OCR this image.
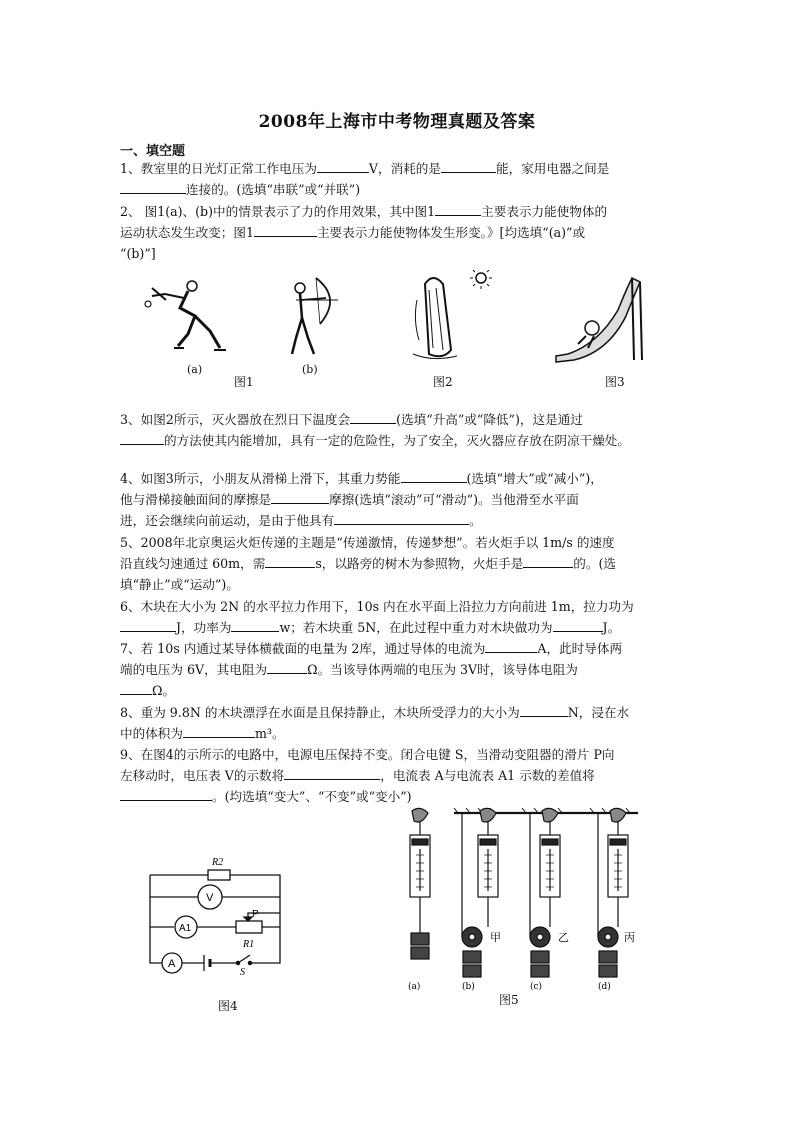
2008年上海市中考物理真题及答案
一、填空题
1、教室里的日光灯正常工作电压为	V，消耗的是	能，家用电器之间是
连接的。(选填“串联”或“并联”)
2、 图1(a)、(b)中的情景表示了力的作用效果，其中图1	主要表示力能使物体的
运动状态发生改变；图1	主要表示力能使物体发生形变。》[均选填“(a)”或
“(b)”]
(a)
图1
(b)
图2	图3
3、如图2所示，灭火器放在烈日下温度会	(选填“升高”或“降低”)，这是通过
的方法使其内能增加，具有一定的危险性，为了安全，灭火器应存放在阴凉干燥处。
4、如图3所示，小朋友从滑梯上滑下，其重力势能	(选填“增大”或“减小”)，
他与滑梯接触面间的摩擦是	摩擦(选填“滚动”可“滑动”)。当他滑至水平面
进，还会继续向前运动，是由于他具有	。
5、2008年北京奥运火炬传递的主题是“传递激情，传递梦想”。若火炬手以 1m/s 的速度
沿直线匀速通过 60m，需	s，以路旁的树木为参照物，火炬手是	的。(选
填“静止”或“运动”)。
6、木块在大小为 2N 的水平拉力作用下，10s 内在水平面上沿拉力方向前进 1m，拉力功为
J，功率为	w；若木块重 5N，在此过程中重力对木块做功为	J。
7、若 10s 内通过某导体横截面的电量为 2库，通过导体的电流为	A，此时导体两
端的电压为 6V，其电阻为	Ω。当该导体两端的电压为 3V时，该导体电阻为
Ω。
8、重为 9.8N 的木块漂浮在水面是且保持静止，木块所受浮力的大小为	N，浸在水
中的体积为	m³。
9、在图4的示所示的电路中，电源电压保持不变。闭合电键 S，当滑动变阻器的滑片 P向
左移动时，电压表 V的示数将	，电流表 A与电流表 A1 示数的差值将
。(均选填“变大”、“不变”或“变小”)
R2
V
A1
P
R1
A
S
图4
甲	乙	丙
(a)	(b)	(c)	(d)
图5
